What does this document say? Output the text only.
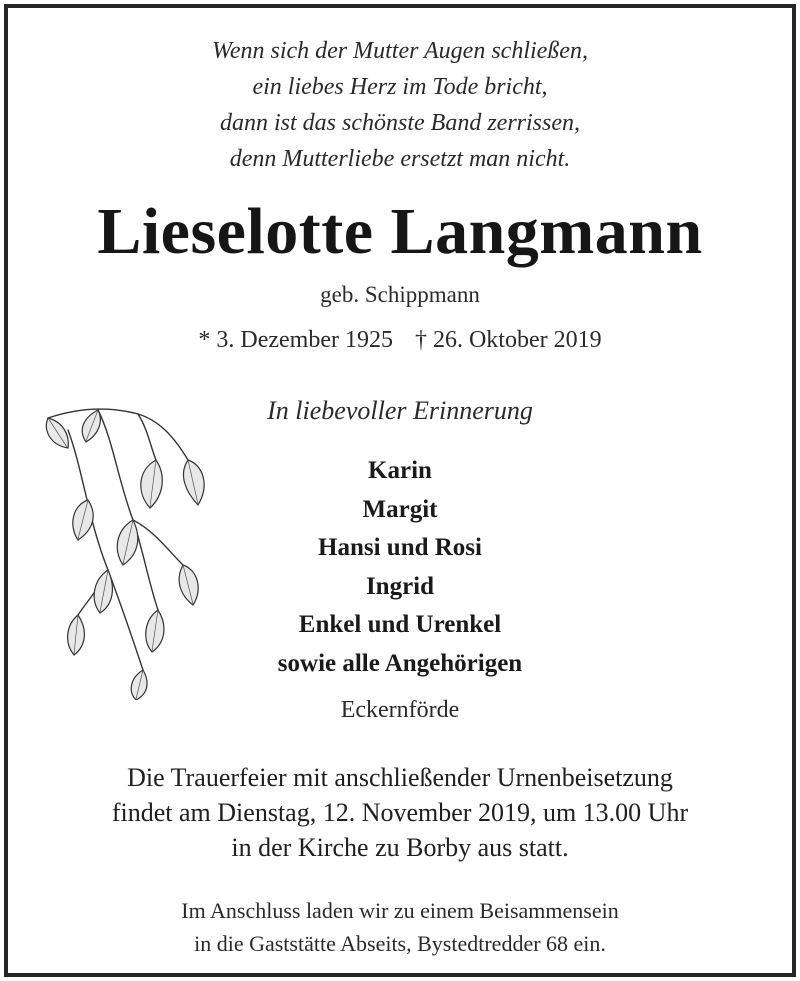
Wenn sich der Mutter Augen schließen,
ein liebes Herz im Tode bricht,
dann ist das schönste Band zerrissen,
denn Mutterliebe ersetzt man nicht.
Lieselotte Langmann
geb. Schippmann
* 3. Dezember 1925 † 26. Oktober 2019
In liebevoller Erinnerung
Karin
Margit
Hansi und Rosi
Ingrid
Enkel und Urenkel
sowie alle Angehörigen
Eckernförde
Die Trauerfeier mit anschließender Urnenbeisetzung
findet am Dienstag, 12. November 2019, um 13.00 Uhr
in der Kirche zu Borby aus statt.
Im Anschluss laden wir zu einem Beisammensein
in die Gaststätte Abseits, Bystedtredder 68 ein.
